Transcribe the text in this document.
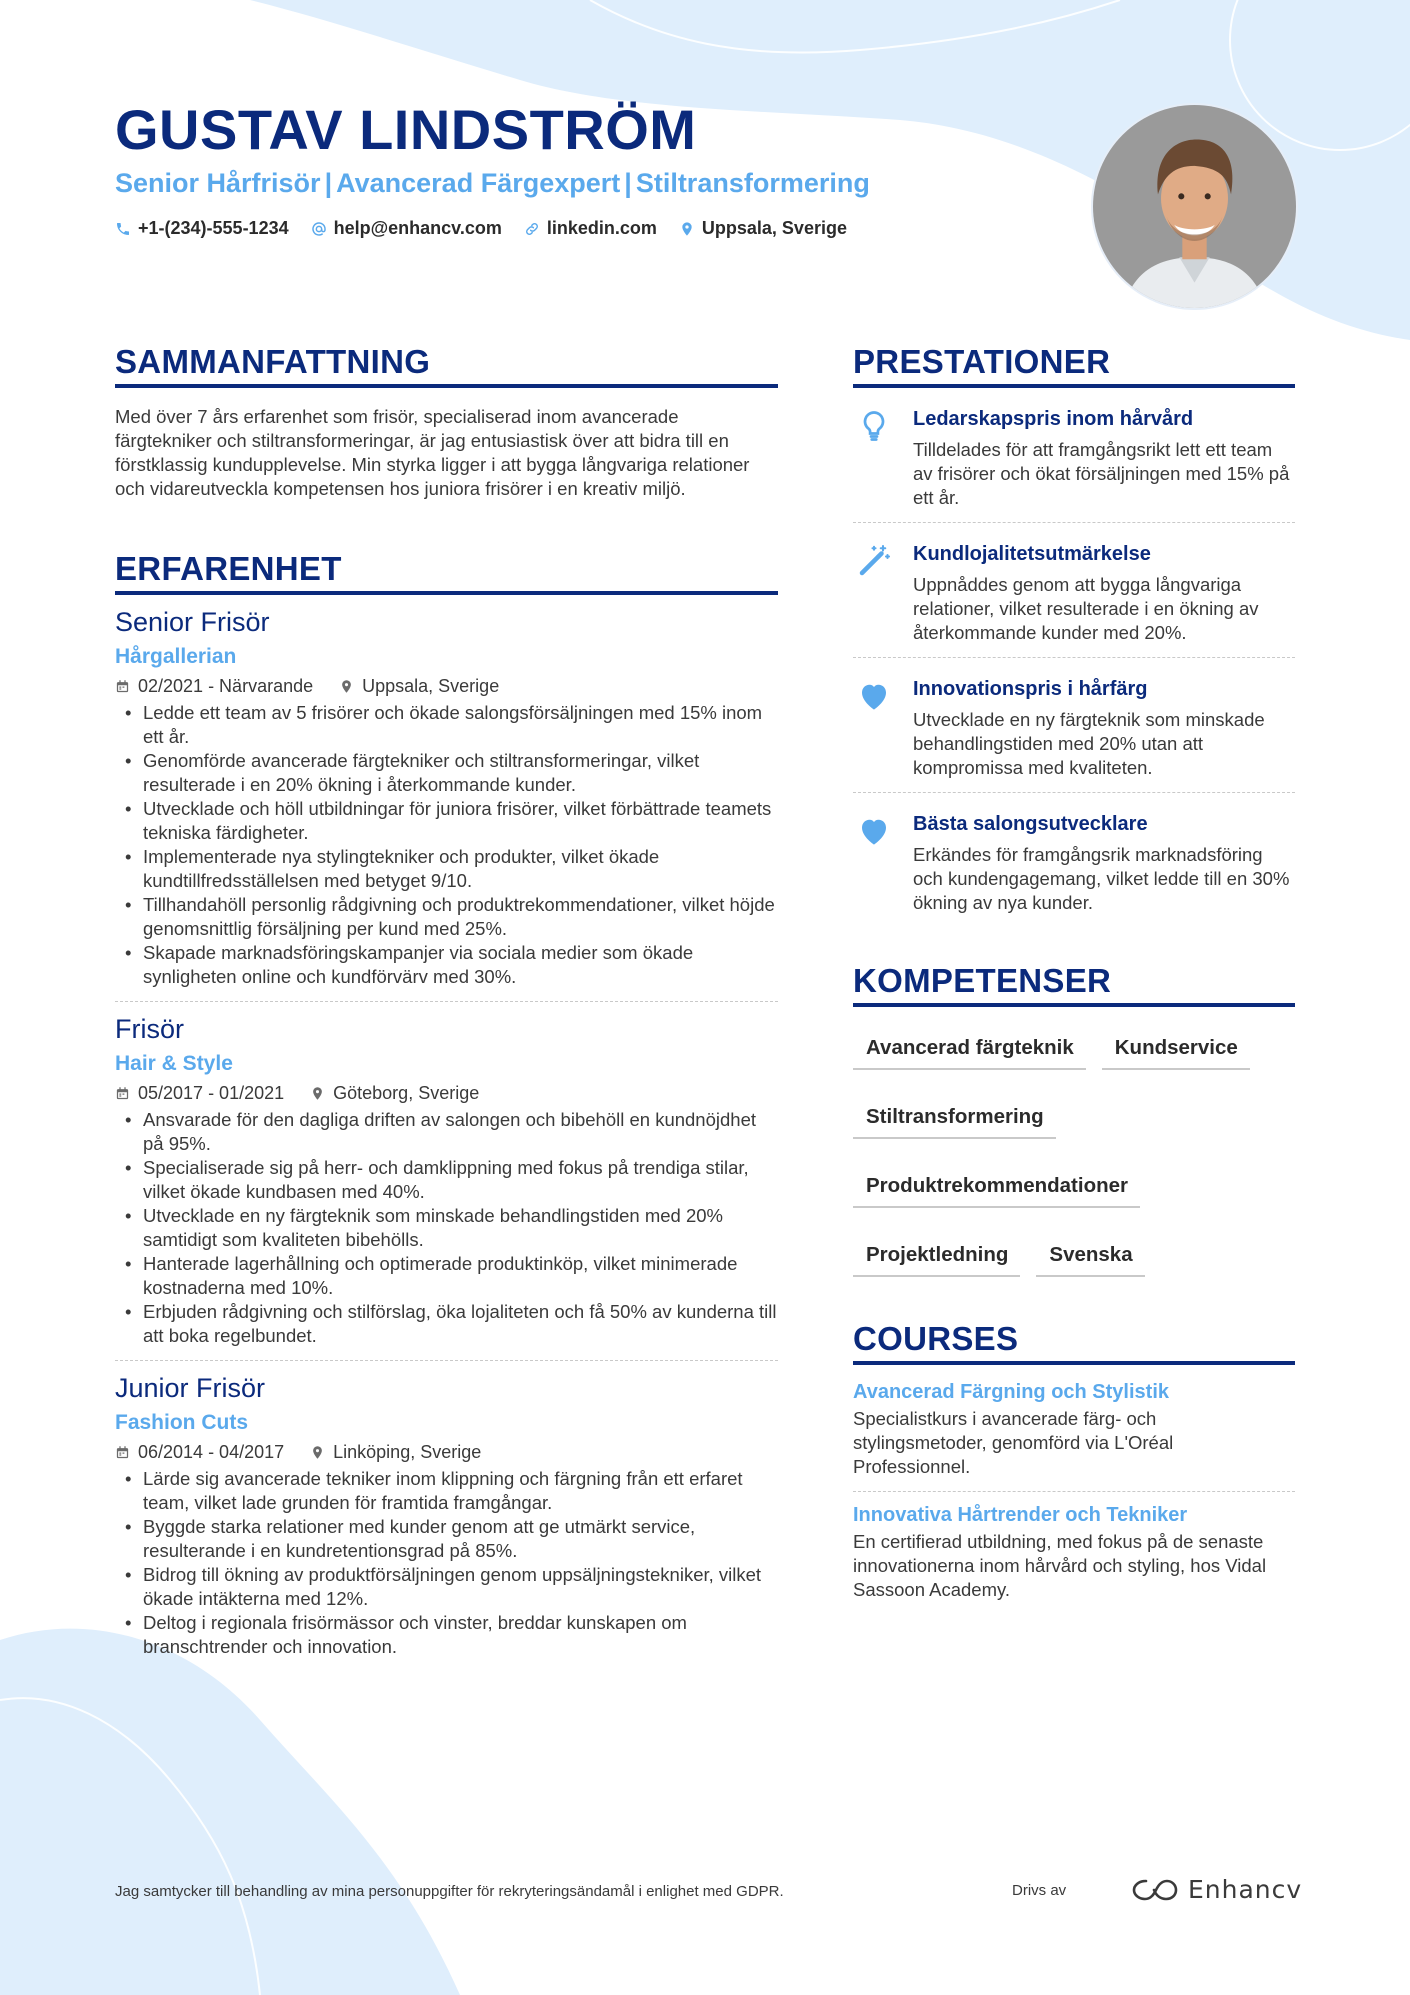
GUSTAV LINDSTRÖM
Senior Hårfrisör | Avancerad Färgexpert | Stiltransformering
+1-(234)-555-1234	help@enhancv.com	linkedin.com	Uppsala, Sverige
SAMMANFATTNING
Med över 7 års erfarenhet som frisör, specialiserad inom avancerade färgtekniker och stiltransformeringar, är jag entusiastisk över att bidra till en förstklassig kundupplevelse. Min styrka ligger i att bygga långvariga relationer och vidareutveckla kompetensen hos juniora frisörer i en kreativ miljö.
ERFARENHET
Senior Frisör
Hårgallerian
02/2021 - Närvarande	Uppsala, Sverige
• Ledde ett team av 5 frisörer och ökade salongsförsäljningen med 15% inom ett år.
• Genomförde avancerade färgtekniker och stiltransformeringar, vilket resulterade i en 20% ökning i återkommande kunder.
• Utvecklade och höll utbildningar för juniora frisörer, vilket förbättrade teamets tekniska färdigheter.
• Implementerade nya stylingtekniker och produkter, vilket ökade kundtillfredsställelsen med betyget 9/10.
• Tillhandahöll personlig rådgivning och produktrekommendationer, vilket höjde genomsnittlig försäljning per kund med 25%.
• Skapade marknadsföringskampanjer via sociala medier som ökade synligheten online och kundförvärv med 30%.
Frisör
Hair & Style
05/2017 - 01/2021	Göteborg, Sverige
• Ansvarade för den dagliga driften av salongen och bibehöll en kundnöjdhet på 95%.
• Specialiserade sig på herr- och damklippning med fokus på trendiga stilar, vilket ökade kundbasen med 40%.
• Utvecklade en ny färgteknik som minskade behandlingstiden med 20% samtidigt som kvaliteten bibehölls.
• Hanterade lagerhållning och optimerade produktinköp, vilket minimerade kostnaderna med 10%.
• Erbjuden rådgivning och stilförslag, öka lojaliteten och få 50% av kunderna till att boka regelbundet.
Junior Frisör
Fashion Cuts
06/2014 - 04/2017	Linköping, Sverige
• Lärde sig avancerade tekniker inom klippning och färgning från ett erfaret team, vilket lade grunden för framtida framgångar.
• Byggde starka relationer med kunder genom att ge utmärkt service, resulterande i en kundretentionsgrad på 85%.
• Bidrog till ökning av produktförsäljningen genom uppsäljningstekniker, vilket ökade intäkterna med 12%.
• Deltog i regionala frisörmässor och vinster, breddar kunskapen om branschtrender och innovation.
PRESTATIONER
Ledarskapspris inom hårvård
Tilldelades för att framgångsrikt lett ett team av frisörer och ökat försäljningen med 15% på ett år.
Kundlojalitetsutmärkelse
Uppnåddes genom att bygga långvariga relationer, vilket resulterade i en ökning av återkommande kunder med 20%.
Innovationspris i hårfärg
Utvecklade en ny färgteknik som minskade behandlingstiden med 20% utan att kompromissa med kvaliteten.
Bästa salongsutvecklare
Erkändes för framgångsrik marknadsföring och kundengagemang, vilket ledde till en 30% ökning av nya kunder.
KOMPETENSER
Avancerad färgteknik	Kundservice
Stiltransformering
Produktrekommendationer
Projektledning	Svenska
COURSES
Avancerad Färgning och Stylistik
Specialistkurs i avancerade färg- och stylingsmetoder, genomförd via L'Oréal Professionnel.
Innovativa Hårtrender och Tekniker
En certifierad utbildning, med fokus på de senaste innovationerna inom hårvård och styling, hos Vidal Sassoon Academy.
Jag samtycker till behandling av mina personuppgifter för rekryteringsändamål i enlighet med GDPR.	Drivs av	Enhancv
